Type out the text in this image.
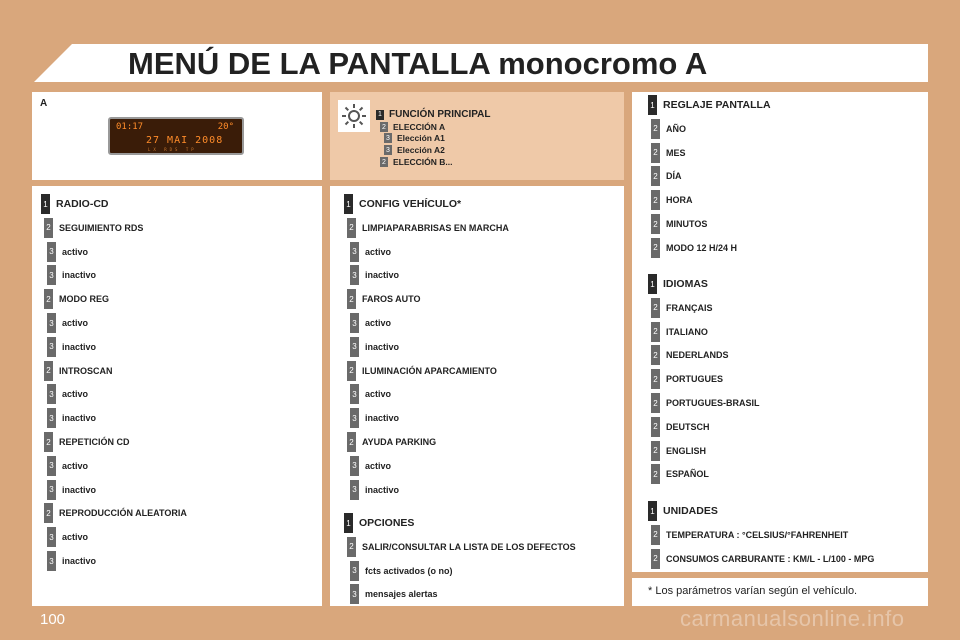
08 MENÚ DE LA PANTALLA monocromo A
A
01:17	20°
27 MAI 2008
LX RDS TP
1 FUNCIÓN PRINCIPAL
2 ELECCIÓN A
3 Elección A1
3 Elección A2
2 ELECCIÓN B...
1 RADIO-CD
2 SEGUIMIENTO RDS
3 activo
3 inactivo
2 MODO REG
3 activo
3 inactivo
2 INTROSCAN
3 activo
3 inactivo
2 REPETICIÓN CD
3 activo
3 inactivo
2 REPRODUCCIÓN ALEATORIA
3 activo
3 inactivo
1 CONFIG VEHÍCULO*
2 LIMPIAPARABRISAS EN MARCHA
3 activo
3 inactivo
2 FAROS AUTO
3 activo
3 inactivo
2 ILUMINACIÓN APARCAMIENTO
3 activo
3 inactivo
2 AYUDA PARKING
3 activo
3 inactivo
1 OPCIONES
2 SALIR/CONSULTAR LA LISTA DE LOS DEFECTOS
3 fcts activados (o no)
3 mensajes alertas
1 REGLAJE PANTALLA
2 AÑO
2 MES
2 DÍA
2 HORA
2 MINUTOS
2 MODO 12 H/24 H
1 IDIOMAS
2 FRANÇAIS
2 ITALIANO
2 NEDERLANDS
2 PORTUGUES
2 PORTUGUES-BRASIL
2 DEUTSCH
2 ENGLISH
2 ESPAÑOL
1 UNIDADES
2 TEMPERATURA : °CELSIUS/°FAHRENHEIT
2 CONSUMOS CARBURANTE : KM/L - L/100 - MPG
* Los parámetros varían según el vehículo.
100	carmanualsonline.info
